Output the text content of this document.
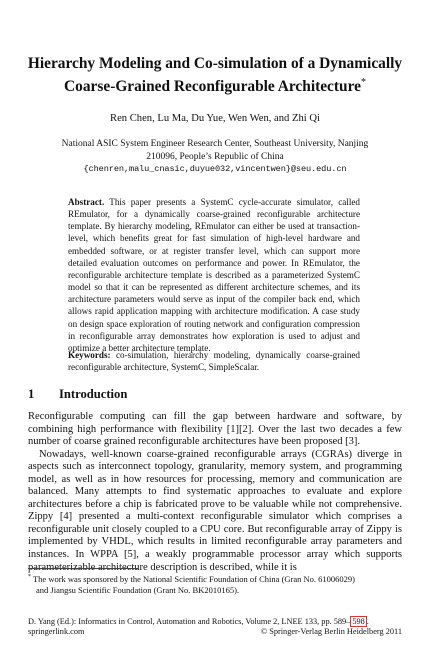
Hierarchy Modeling and Co-simulation of a Dynamically
Coarse-Grained Reconfigurable Architecture*
Ren Chen, Lu Ma, Du Yue, Wen Wen, and Zhi Qi
National ASIC System Engineer Research Center, Southeast University, Nanjing
210096, People’s Republic of China
{chenren,malu_cnasic,duyue032,vincentwen}@seu.edu.cn
Abstract. This paper presents a SystemC cycle-accurate simulator, called REmulator, for a dynamically coarse-grained reconfigurable architecture template. By hierarchy modeling, REmulator can either be used at transaction-level, which benefits great for fast simulation of high-level hardware and embedded software, or at register transfer level, which can support more detailed evaluation outcomes on performance and power. In REmulator, the reconfigurable architecture template is described as a parameterized SystemC model so that it can be represented as different architecture schemes, and its architecture parameters would serve as input of the compiler back end, which allows rapid application mapping with architecture modification. A case study on design space exploration of routing network and configuration compression in reconfigurable array demonstrates how exploration is used to adjust and optimize a better architecture template.
Keywords: co-simulation, hierarchy modeling, dynamically coarse-grained reconfigurable architecture, SystemC, SimpleScalar.
1 Introduction

Reconfigurable computing can fill the gap between hardware and software, by combining high performance with flexibility [1][2]. Over the last two decades a few number of coarse grained reconfigurable architectures have been proposed [3].

Nowadays, well-known coarse-grained reconfigurable arrays (CGRAs) diverge in aspects such as interconnect topology, granularity, memory system, and programming model, as well as in how resources for processing, memory and communication are balanced. Many attempts to find systematic approaches to evaluate and explore architectures before a chip is fabricated prove to be valuable while not comprehensive. Zippy [4] presented a multi-context reconfigurable simulator which comprises a reconfigurable unit closely coupled to a CPU core. But reconfigurable array of Zippy is implemented by VHDL, which results in limited reconfigurable array parameters and instances. In WPPA [5], a weakly programmable processor array which supports parameterizable architecture description is described, while it is

* The work was sponsored by the National Scientific Foundation of China (Gran No. 61006029)
and Jiangsu Scientific Foundation (Grant No. BK2010165).
D. Yang (Ed.): Informatics in Control, Automation and Robotics, Volume 2, LNEE 133, pp. 589– 598 .
springerlink.com	© Springer-Verlag Berlin Heidelberg 2011
